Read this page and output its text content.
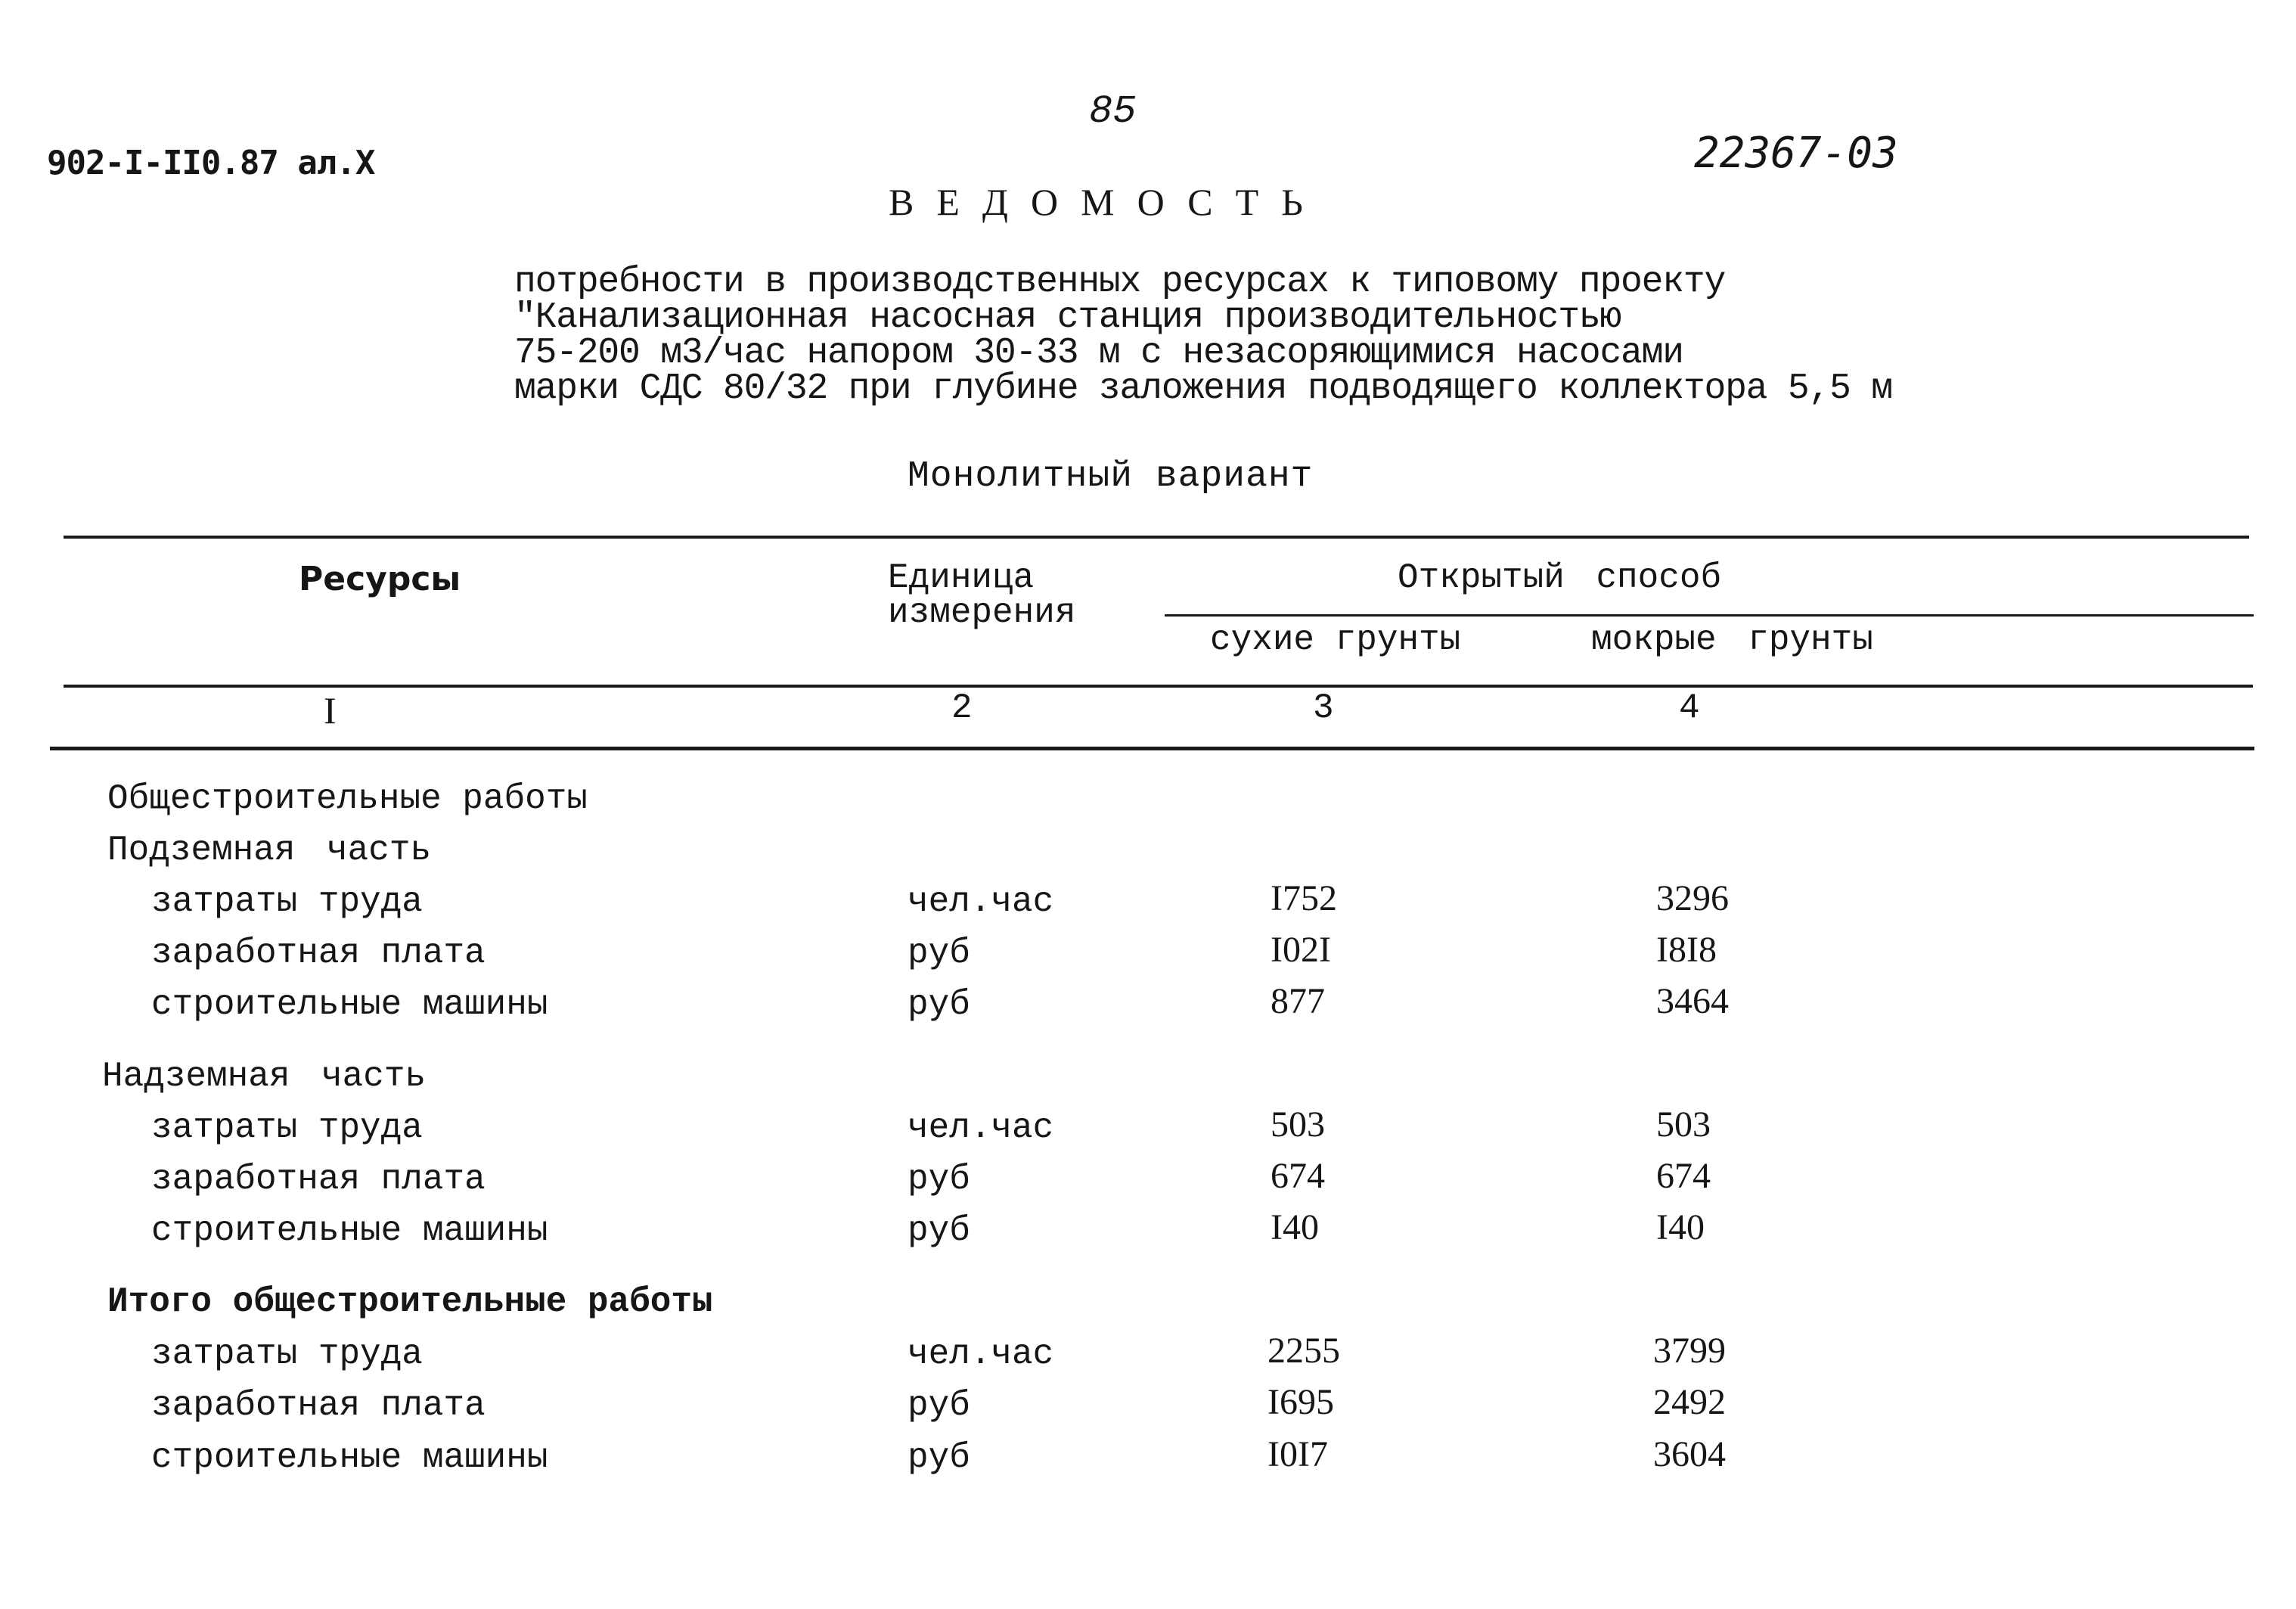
85
902-I-II0.87 ал.Х	22367-03
ВЕДОМОСТЬ
потребности в производственных ресурсах к типовому проекту
"Канализационная насосная станция производительностью
75-200 м3/час напором 30-33 м с незасоряющимися насосами
марки СДС 80/32 при глубине заложения подводящего коллектора 5,5 м
Монолитный вариант
Ресурсы	Единица
измерения
Открытый способ
сухие грунты	мокрые грунты
I	2	3	4
Общестроительные работы
Подземная часть
затраты труда	чел.час	I752	3296
заработная плата	руб	I02I	I8I8
строительные машины	руб	877	3464
Надземная часть
затраты труда	чел.час	503	503
заработная плата	руб	674	674
строительные машины	руб	I40	I40
Итого общестроительные работы
затраты труда	чел.час	2255	3799
заработная плата	руб	I695	2492
строительные машины	руб	I0I7	3604
